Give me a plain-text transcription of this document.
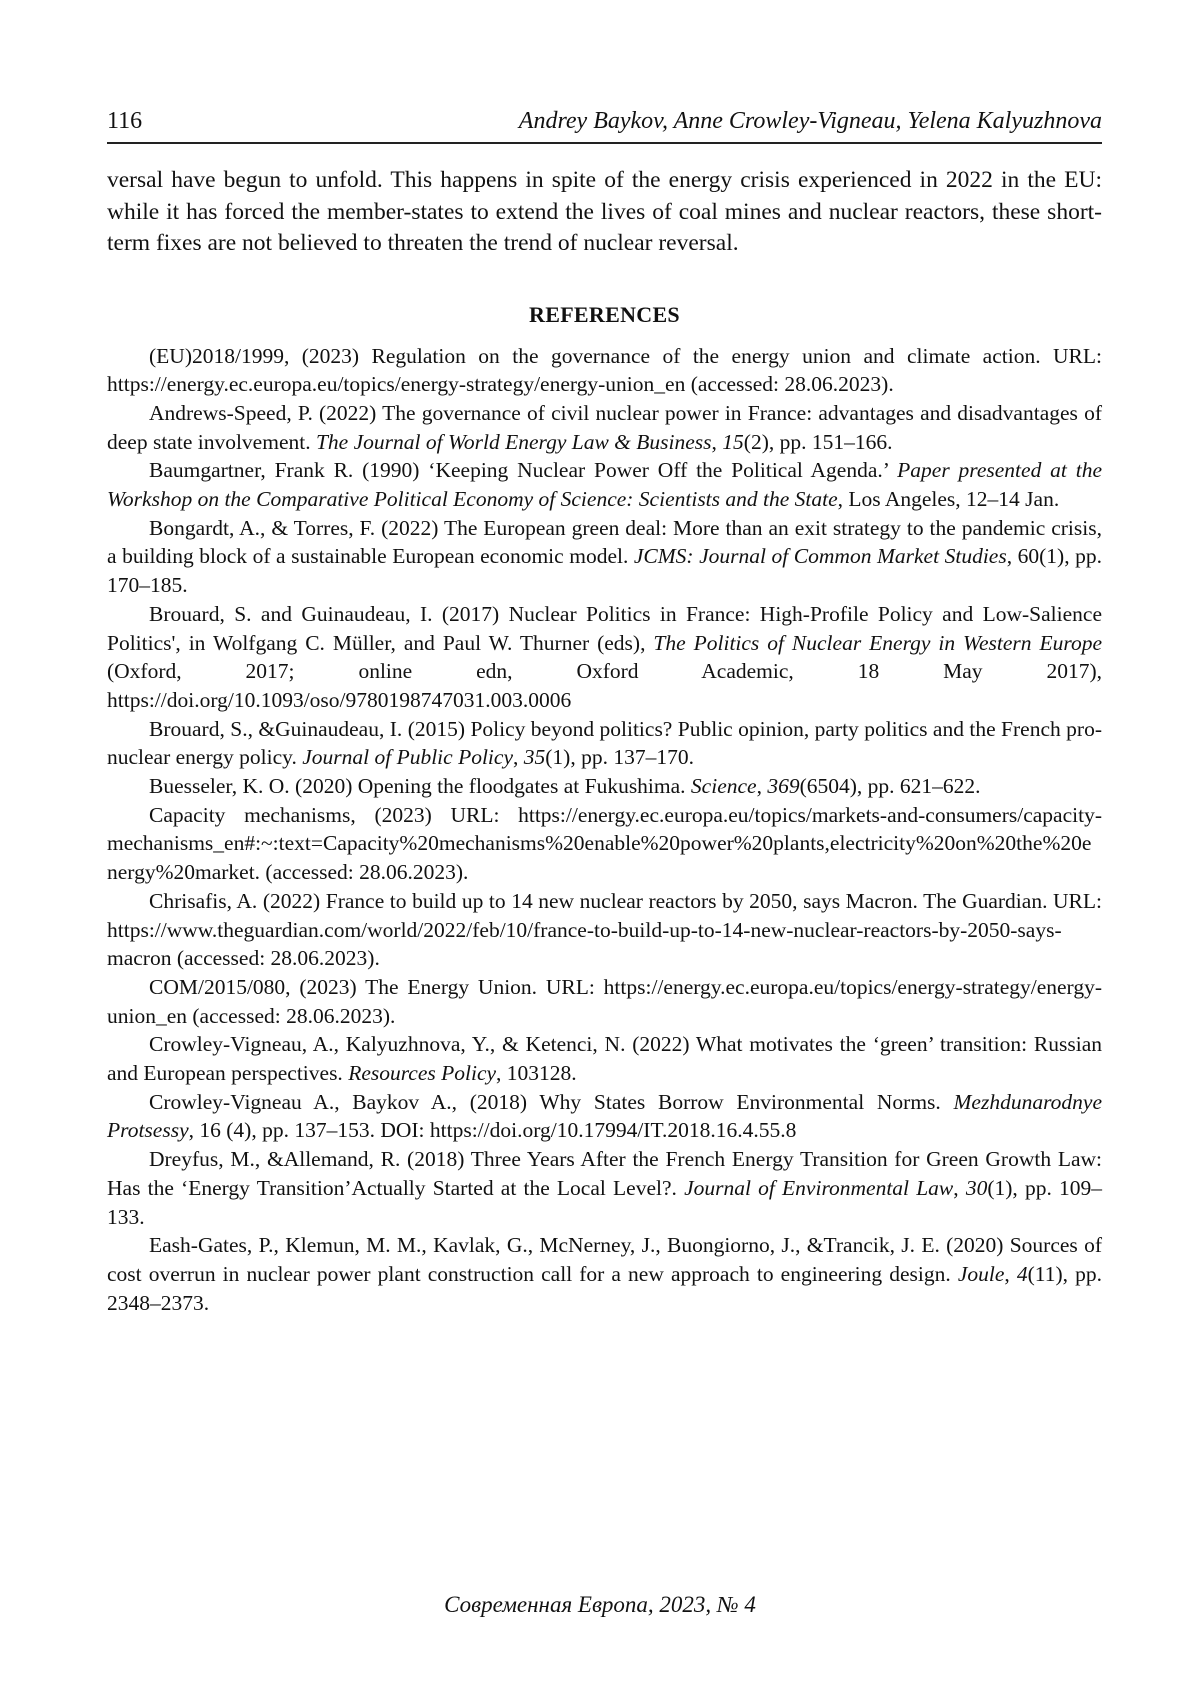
116	Andrey Baykov, Anne Crowley-Vigneau, Yelena Kalyuzhnova

versal have begun to unfold. This happens in spite of the energy crisis experienced in 2022 in the EU: while it has forced the member-states to extend the lives of coal mines and nuclear reactors, these short-term fixes are not believed to threaten the trend of nuclear reversal.

REFERENCES
(EU)2018/1999, (2023) Regulation on the governance of the energy union and climate action. URL: https://energy.ec.europa.eu/topics/energy-strategy/energy-union_en (accessed: 28.06.2023).
Andrews-Speed, P. (2022) The governance of civil nuclear power in France: advantages and disadvantages of deep state involvement. The Journal of World Energy Law & Business, 15(2), pp. 151–166.
Baumgartner, Frank R. (1990) ‘Keeping Nuclear Power Off the Political Agenda.’ Paper presented at the Workshop on the Comparative Political Economy of Science: Scientists and the State, Los Angeles, 12–14 Jan.
Bongardt, A., & Torres, F. (2022) The European green deal: More than an exit strategy to the pandemic crisis, a building block of a sustainable European economic model. JCMS: Journal of Common Market Studies, 60(1), pp. 170–185.
Brouard, S. and Guinaudeau, I. (2017) Nuclear Politics in France: High-Profile Policy and Low-Salience Politics', in Wolfgang C. Müller, and Paul W. Thurner (eds), The Politics of Nuclear Energy in Western Europe (Oxford, 2017; online edn, Oxford Academic, 18 May 2017), https://doi.org/10.1093/oso/9780198747031.003.0006
Brouard, S., &Guinaudeau, I. (2015) Policy beyond politics? Public opinion, party politics and the French pro-nuclear energy policy. Journal of Public Policy, 35(1), pp. 137–170.
Buesseler, K. O. (2020) Opening the floodgates at Fukushima. Science, 369(6504), pp. 621–622.
Capacity mechanisms, (2023) URL: https://energy.ec.europa.eu/topics/markets-and-consumers/capacity-mechanisms_en#:~:text=Capacity%20mechanisms%20enable%20power%20plants,electricity%20on%20the%20energy%20market. (accessed: 28.06.2023).
Chrisafis, A. (2022) France to build up to 14 new nuclear reactors by 2050, says Macron. The Guardian. URL: https://www.theguardian.com/world/2022/feb/10/france-to-build-up-to-14-new-nuclear-reactors-by-2050-says-macron (accessed: 28.06.2023).
COM/2015/080, (2023) The Energy Union. URL: https://energy.ec.europa.eu/topics/energy-strategy/energy-union_en (accessed: 28.06.2023).
Crowley-Vigneau, A., Kalyuzhnova, Y., & Ketenci, N. (2022) What motivates the ‘green’ transition: Russian and European perspectives. Resources Policy, 103128.
Crowley-Vigneau A., Baykov A., (2018) Why States Borrow Environmental Norms. Mezhdunarodnye Protsessy, 16 (4), pp. 137–153. DOI: https://doi.org/10.17994/IT.2018.16.4.55.8
Dreyfus, M., &Allemand, R. (2018) Three Years After the French Energy Transition for Green Growth Law: Has the ‘Energy Transition’Actually Started at the Local Level?. Journal of Environmental Law, 30(1), pp. 109–133.
Eash-Gates, P., Klemun, M. M., Kavlak, G., McNerney, J., Buongiorno, J., &Trancik, J. E. (2020) Sources of cost overrun in nuclear power plant construction call for a new approach to engineering design. Joule, 4(11), pp. 2348–2373.
Современная Европа, 2023, № 4
